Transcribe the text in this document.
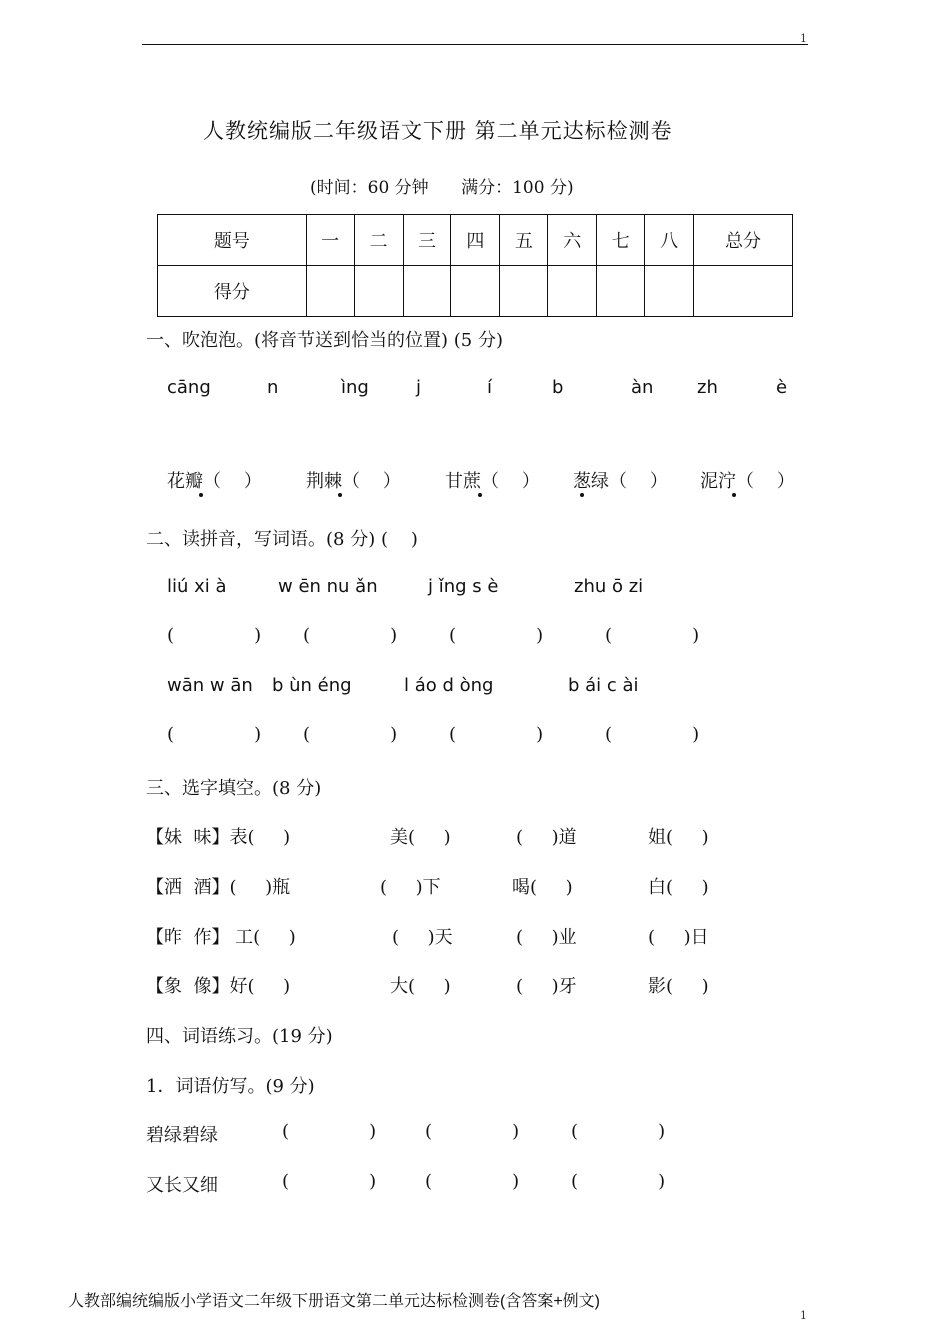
1
人教统编版二年级语文下册 第二单元达标检测卷
(时间：60 分钟      满分：100 分)
题号	一	二	三	四	五	六	七	八	总分
得分									
一、吹泡泡。(将音节送到恰当的位置) (5 分)
cāng	n	ìng	j	í	b	àn zh	è
花瓣（    ） 荆棘（    ） 甘蔗（    ） 葱绿（    ） 泥泞（    ）
二、读拼音，写词语。(8 分) (    )
liú xi à	w ēn nu ǎn	j ǐng s è	zhu ō zi
(              ) (              )	(              )	(              )
wān w ān b ùn éng	l áo d òng	b ái c ài
(              ) (              )	(              )	(              )
三、选字填空。(8 分)
【妹  味】表(     )	美(     )	(     )道	姐(     )
【洒  酒】(     )瓶	(     )下	喝(     )	白(     )
【昨  作】 工(     )	(     )天	(     )业	(     )日
【象  像】好(     )	大(     )	(     )牙	影(     )
四、词语练习。(19 分)
1．词语仿写。(9 分)
碧绿碧绿	(              )	(              )	(              )
又长又细	(              )	(              )	(              )
人教部编统编版小学语文二年级下册语文第二单元达标检测卷(含答案+例文)
1
